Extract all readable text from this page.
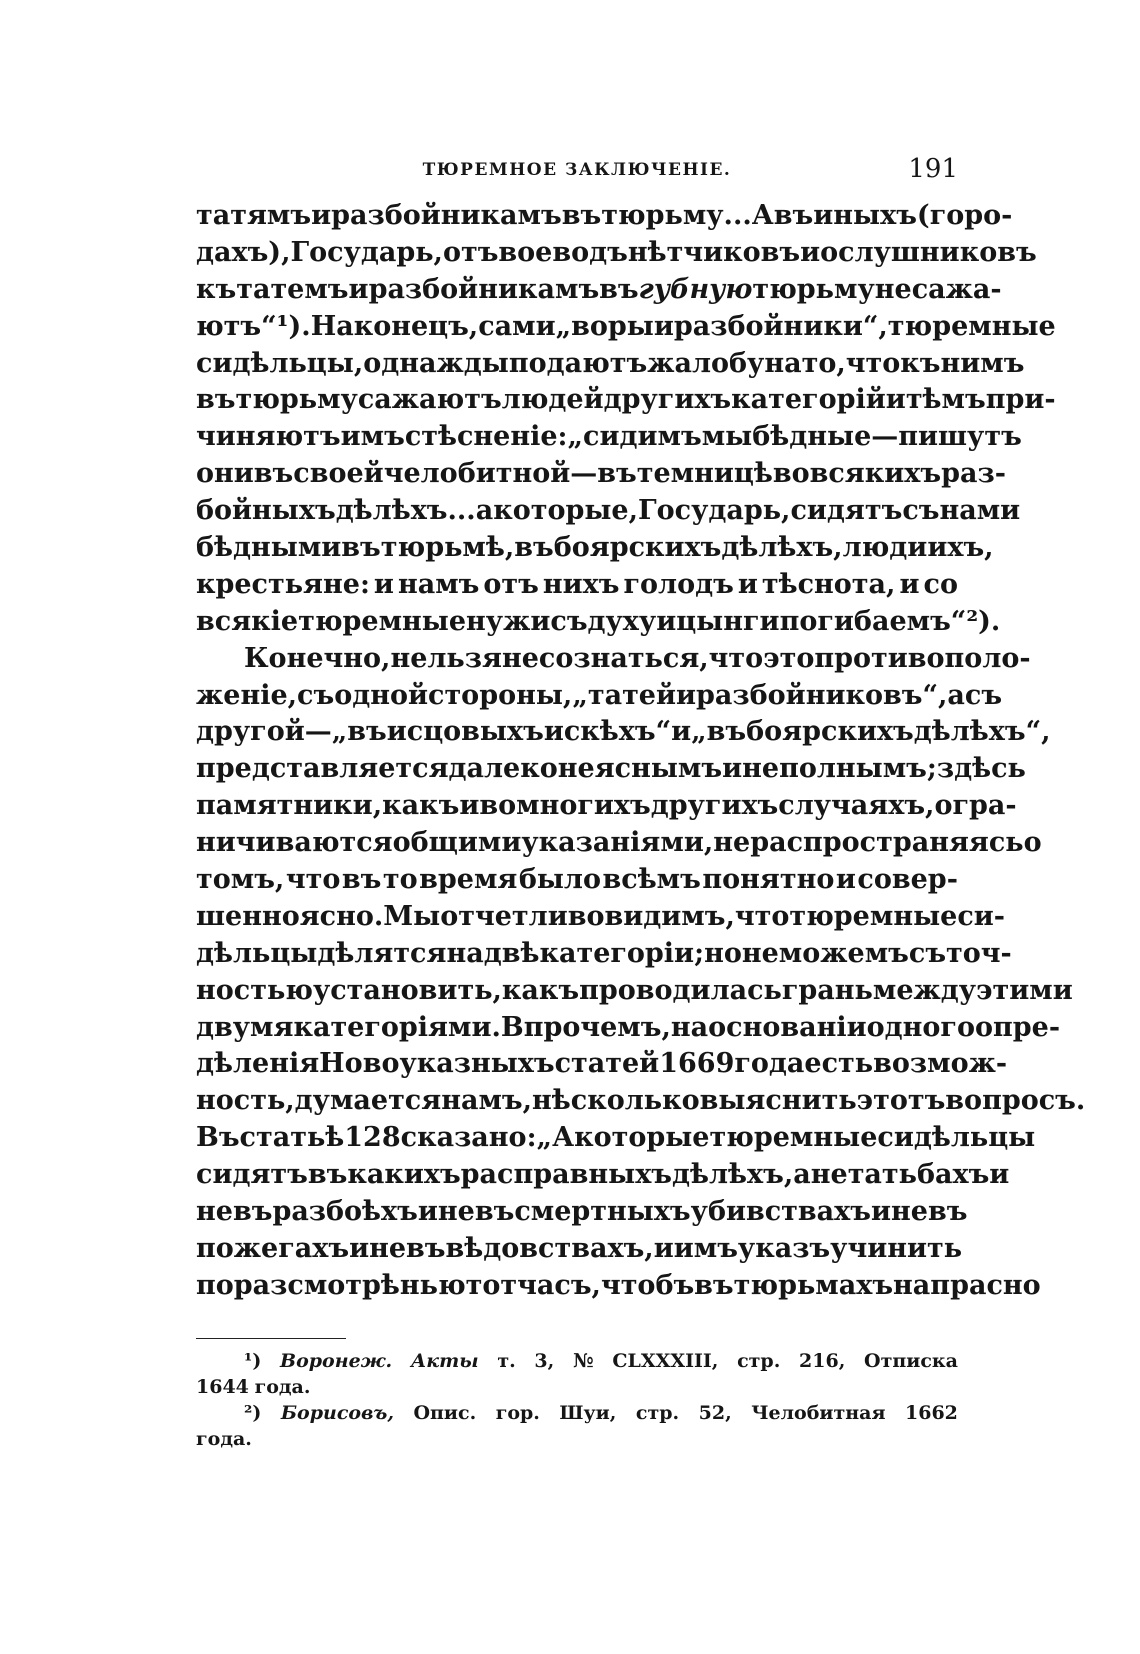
ТЮРЕМНОЕ ЗАКЛЮЧЕНІЕ.	191
татямъ и разбойникамъ въ тюрьму... А въ иныхъ (горо-
дахъ), Государь, отъ воеводъ нѣтчиковъ и ослушниковъ
къ татемъ и разбойникамъ въ губную тюрьму не сажа-
ютъ“ ¹). Наконецъ, сами „воры и разбойники“, тюремные
сидѣльцы, однажды подаютъ жалобу на то, что къ нимъ
въ тюрьму сажаютъ людей другихъ категорій и тѣмъ при-
чиняютъ имъ стѣсненіе: „сидимъ мы бѣдные—пишутъ
они въ своей челобитной—въ темницѣ во всякихъ раз-
бойныхъ дѣлѣхъ... а которые, Государь, сидятъ съ нами
бѣдными въ тюрьмѣ, въ боярскихъ дѣлѣхъ, люди ихъ,
крестьяне: и намъ отъ нихъ голодъ и тѣснота, и со
всякіе тюремные нужи съ духу и цынги погибаемъ“ ²).
Конечно, нельзя не сознаться, что это противополо-
женіе, съ одной стороны, „татей и разбойниковъ“, а съ
другой—„въ исцовыхъ искѣхъ“ и „въ боярскихъ дѣлѣхъ“,
представляется далеко не яснымъ и не полнымъ; здѣсь
памятники, какъ и во многихъ другихъ случаяхъ, огра-
ничиваются общими указаніями, не распространяясь о
томъ, что въ то время было всѣмъ понятно и совер-
шенно ясно. Мы отчетливо видимъ, что тюремные си-
дѣльцы дѣлятся на двѣ категоріи; но не можемъ съ точ-
ностью установить, какъ проводилась грань между этими
двумя категоріями. Впрочемъ, на основаніи одного опре-
дѣленія Новоуказныхъ статей 1669 года есть возмож-
ность, думается намъ, нѣсколько выяснить этотъ вопросъ.
Въ статьѣ 128 сказано: „А которые тюремные сидѣльцы
сидятъ въ какихъ расправныхъ дѣлѣхъ, а не татьбахъ и
не въ разбоѣхъ и не въ смертныхъ убивствахъ и не въ
пожегахъ и не въ вѣдовствахъ, и имъ указъ учинить
по разсмотрѣнью тотчасъ, чтобъ въ тюрьмахъ напрасно
¹) Воронеж. Акты т. 3, № CLXXXIII, стр. 216, Отписка
1644 года.
²) Борисовъ, Опис. гор. Шуи, стр. 52, Челобитная 1662
года.
